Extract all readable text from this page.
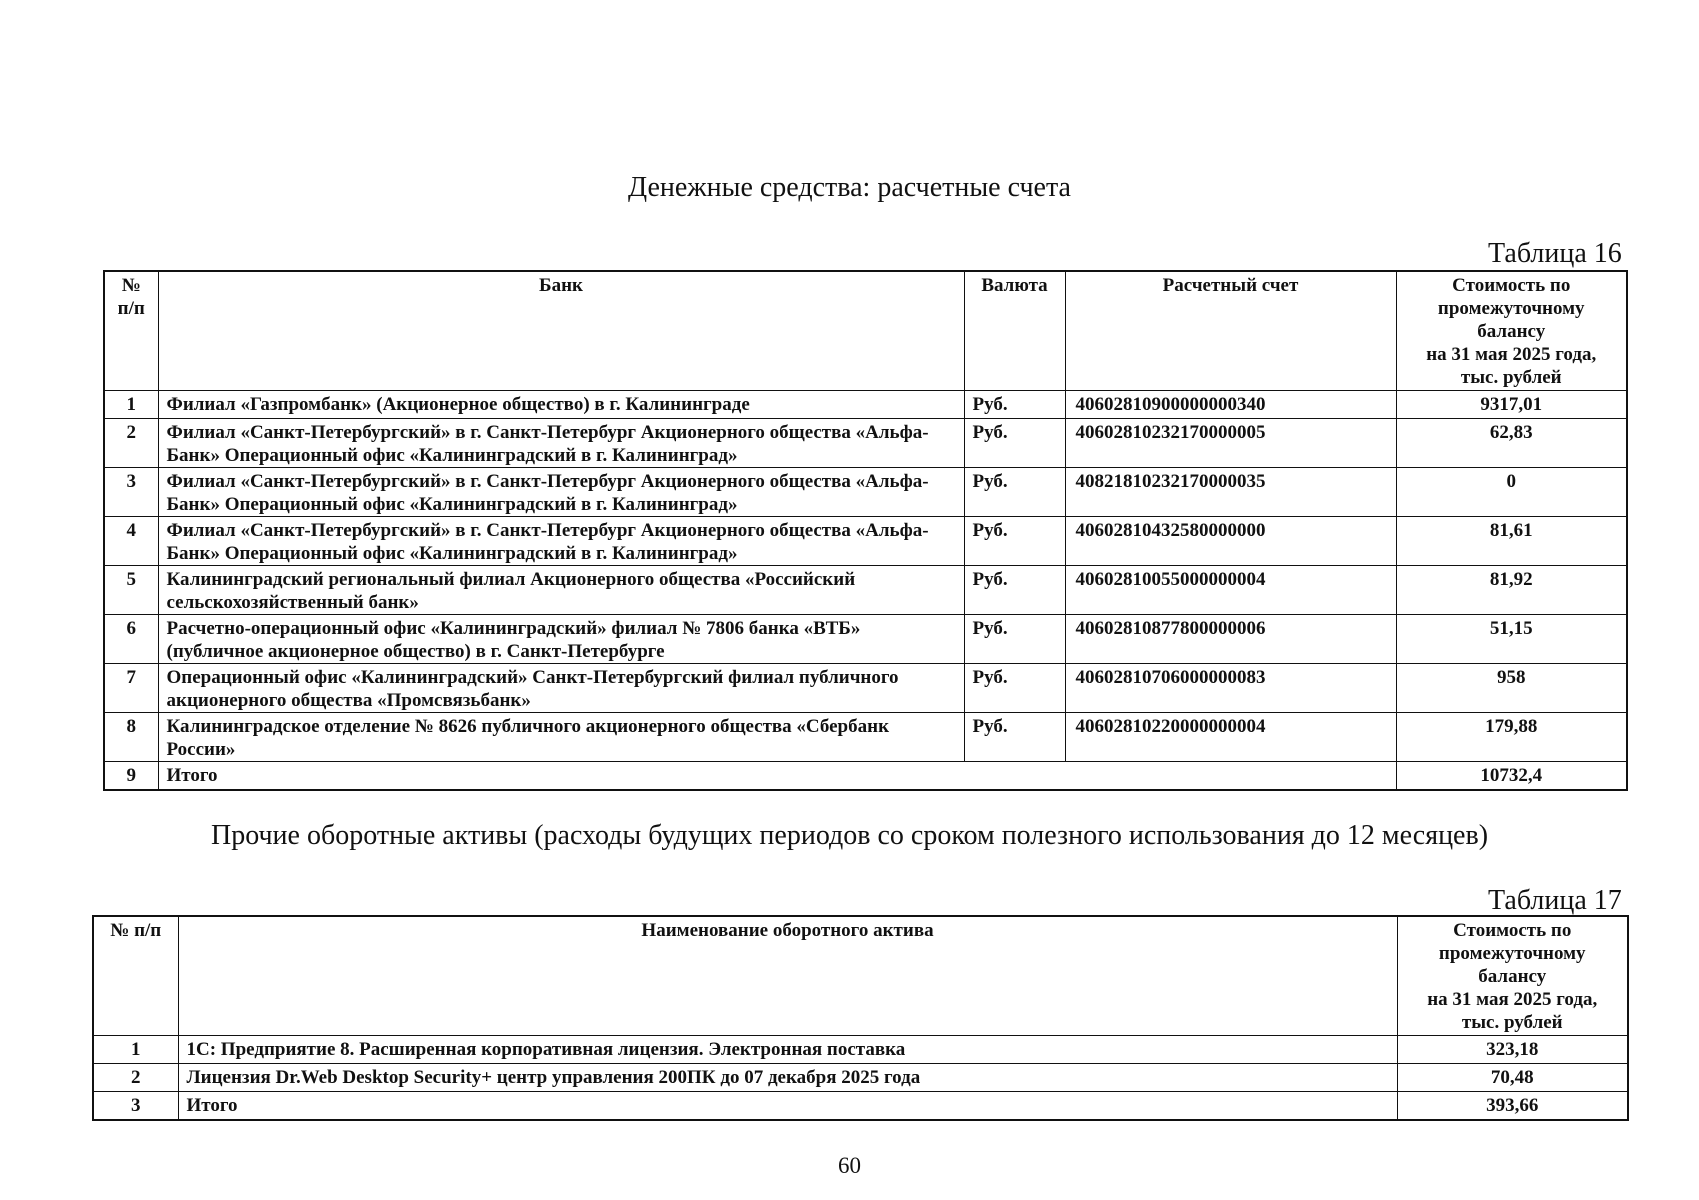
Денежные средства: расчетные счета
Таблица 16
№ п/п	Банк	Валюта	Расчетный счет	Стоимость по
промежуточному
балансу
на 31 мая 2025 года,
тыс. рублей

1	Филиал «Газпромбанк» (Акционерное общество) в г. Калининграде	Руб.	40602810900000000340	9317,01
2	Филиал «Санкт-Петербургский» в г. Санкт-Петербург Акционерного общества «Альфа-Банк» Операционный офис «Калининградский в г. Калининград»	Руб.	40602810232170000005	62,83
3	Филиал «Санкт-Петербургский» в г. Санкт-Петербург Акционерного общества «Альфа-Банк» Операционный офис «Калининградский в г. Калининград»	Руб.	40821810232170000035	0
4	Филиал «Санкт-Петербургский» в г. Санкт-Петербург Акционерного общества «Альфа-Банк» Операционный офис «Калининградский в г. Калининград»	Руб.	40602810432580000000	81,61
5	Калининградский региональный филиал Акционерного общества «Российский сельскохозяйственный банк»	Руб.	40602810055000000004	81,92
6	Расчетно-операционный офис «Калининградский» филиал № 7806 банка «ВТБ» (публичное акционерное общество) в г. Санкт-Петербурге	Руб.	40602810877800000006	51,15
7	Операционный офис «Калининградский» Санкт-Петербургский филиал публичного акционерного общества «Промсвязьбанк»	Руб.	40602810706000000083	958
8	Калининградское отделение № 8626 публичного акционерного общества «Сбербанк России»	Руб.	40602810220000000004	179,88
9	Итого			10732,4
Прочие оборотные активы (расходы будущих периодов со сроком полезного использования до 12 месяцев)
Таблица 17
№ п/п	Наименование оборотного актива	Стоимость по
промежуточному
балансу
на 31 мая 2025 года,
тыс. рублей

1	1С: Предприятие 8. Расширенная корпоративная лицензия. Электронная поставка	323,18
2	Лицензия Dr.Web Desktop Security+ центр управления 200ПК до 07 декабря 2025 года	70,48
3	Итого	393,66
60
